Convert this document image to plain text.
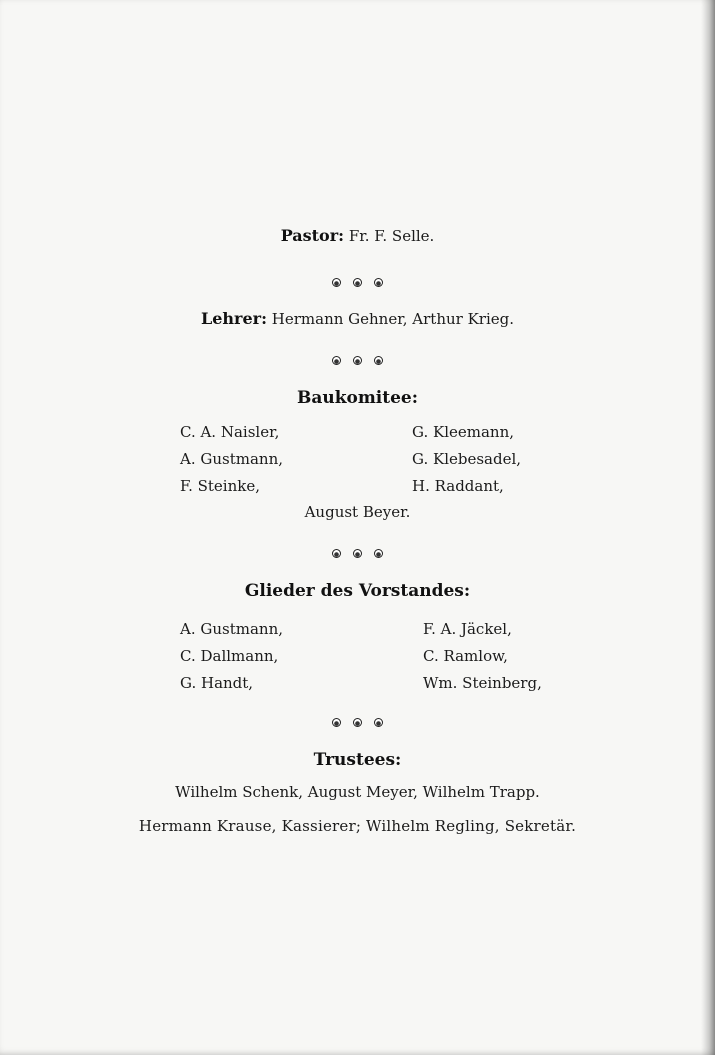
Pastor: Fr. F. Selle.
Lehrer: Hermann Gehner, Arthur Krieg.
Baukomitee:
C. A. Naisler,
A. Gustmann,
F. Steinke,
G. Kleemann,
G. Klebesadel,
H. Raddant,
August Beyer.
Glieder des Vorstandes:
A. Gustmann,
C. Dallmann,
G. Handt,
F. A. Jäckel,
C. Ramlow,
Wm. Steinberg,
Trustees:
Wilhelm Schenk, August Meyer, Wilhelm Trapp.
Hermann Krause, Kassierer; Wilhelm Regling, Sekretär.
